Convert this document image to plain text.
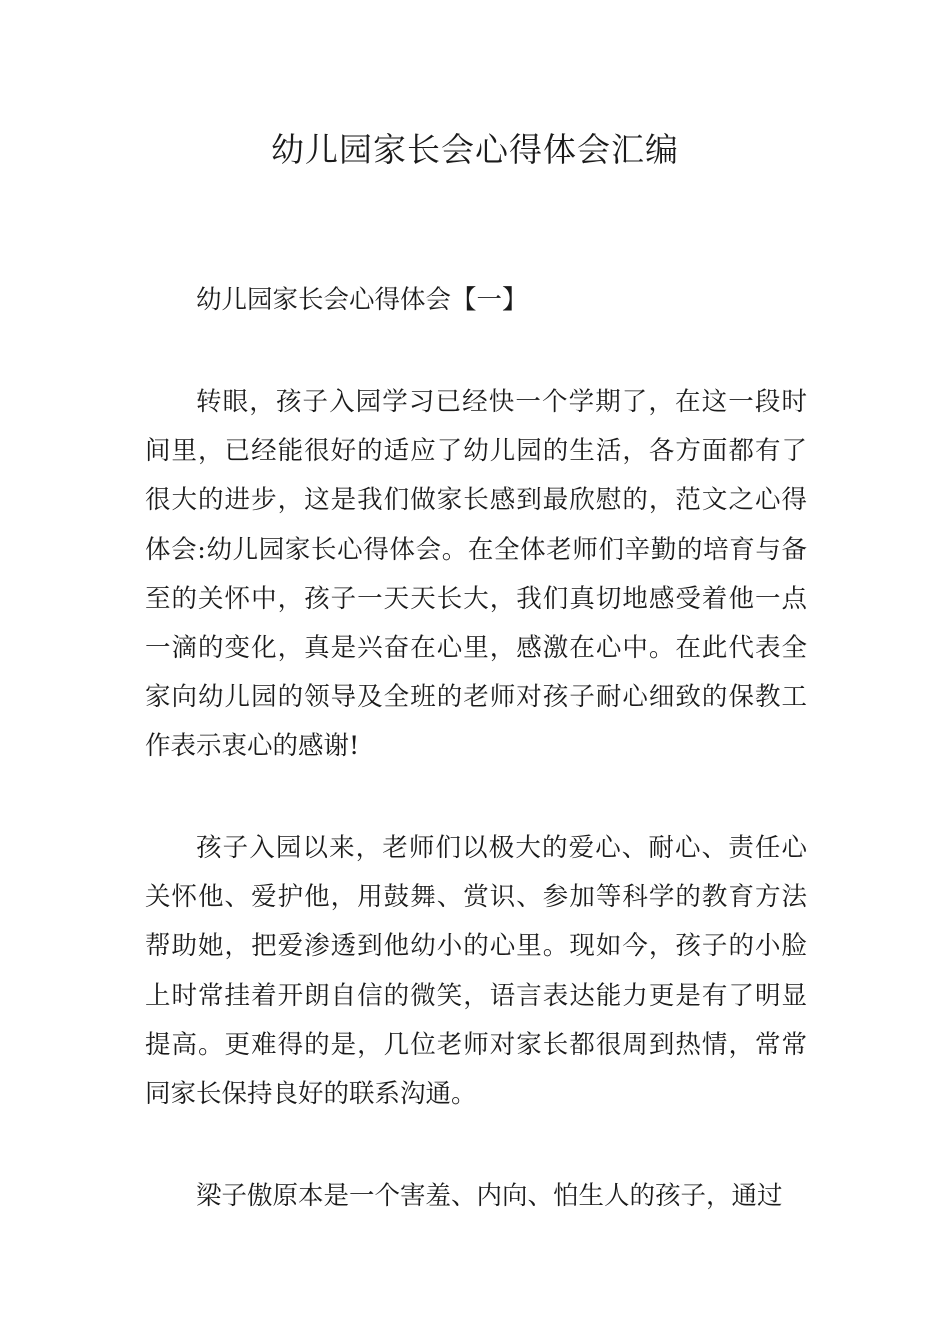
幼儿园家长会心得体会汇编
幼儿园家长会心得体会【一】

转眼，孩子入园学习已经快一个学期了，在这一段时间里，已经能很好的适应了幼儿园的生活，各方面都有了很大的进步，这是我们做家长感到最欣慰的，范文之心得体会:幼儿园家长心得体会。在全体老师们辛勤的培育与备至的关怀中，孩子一天天长大，我们真切地感受着他一点一滴的变化，真是兴奋在心里，感激在心中。在此代表全家向幼儿园的领导及全班的老师对孩子耐心细致的保教工作表示衷心的感谢!

孩子入园以来，老师们以极大的爱心、耐心、责任心关怀他、爱护他，用鼓舞、赏识、参加等科学的教育方法帮助她，把爱渗透到他幼小的心里。现如今，孩子的小脸上时常挂着开朗自信的微笑，语言表达能力更是有了明显提高。更难得的是，几位老师对家长都很周到热情，常常同家长保持良好的联系沟通。

梁子傲原本是一个害羞、内向、怕生人的孩子，通过
